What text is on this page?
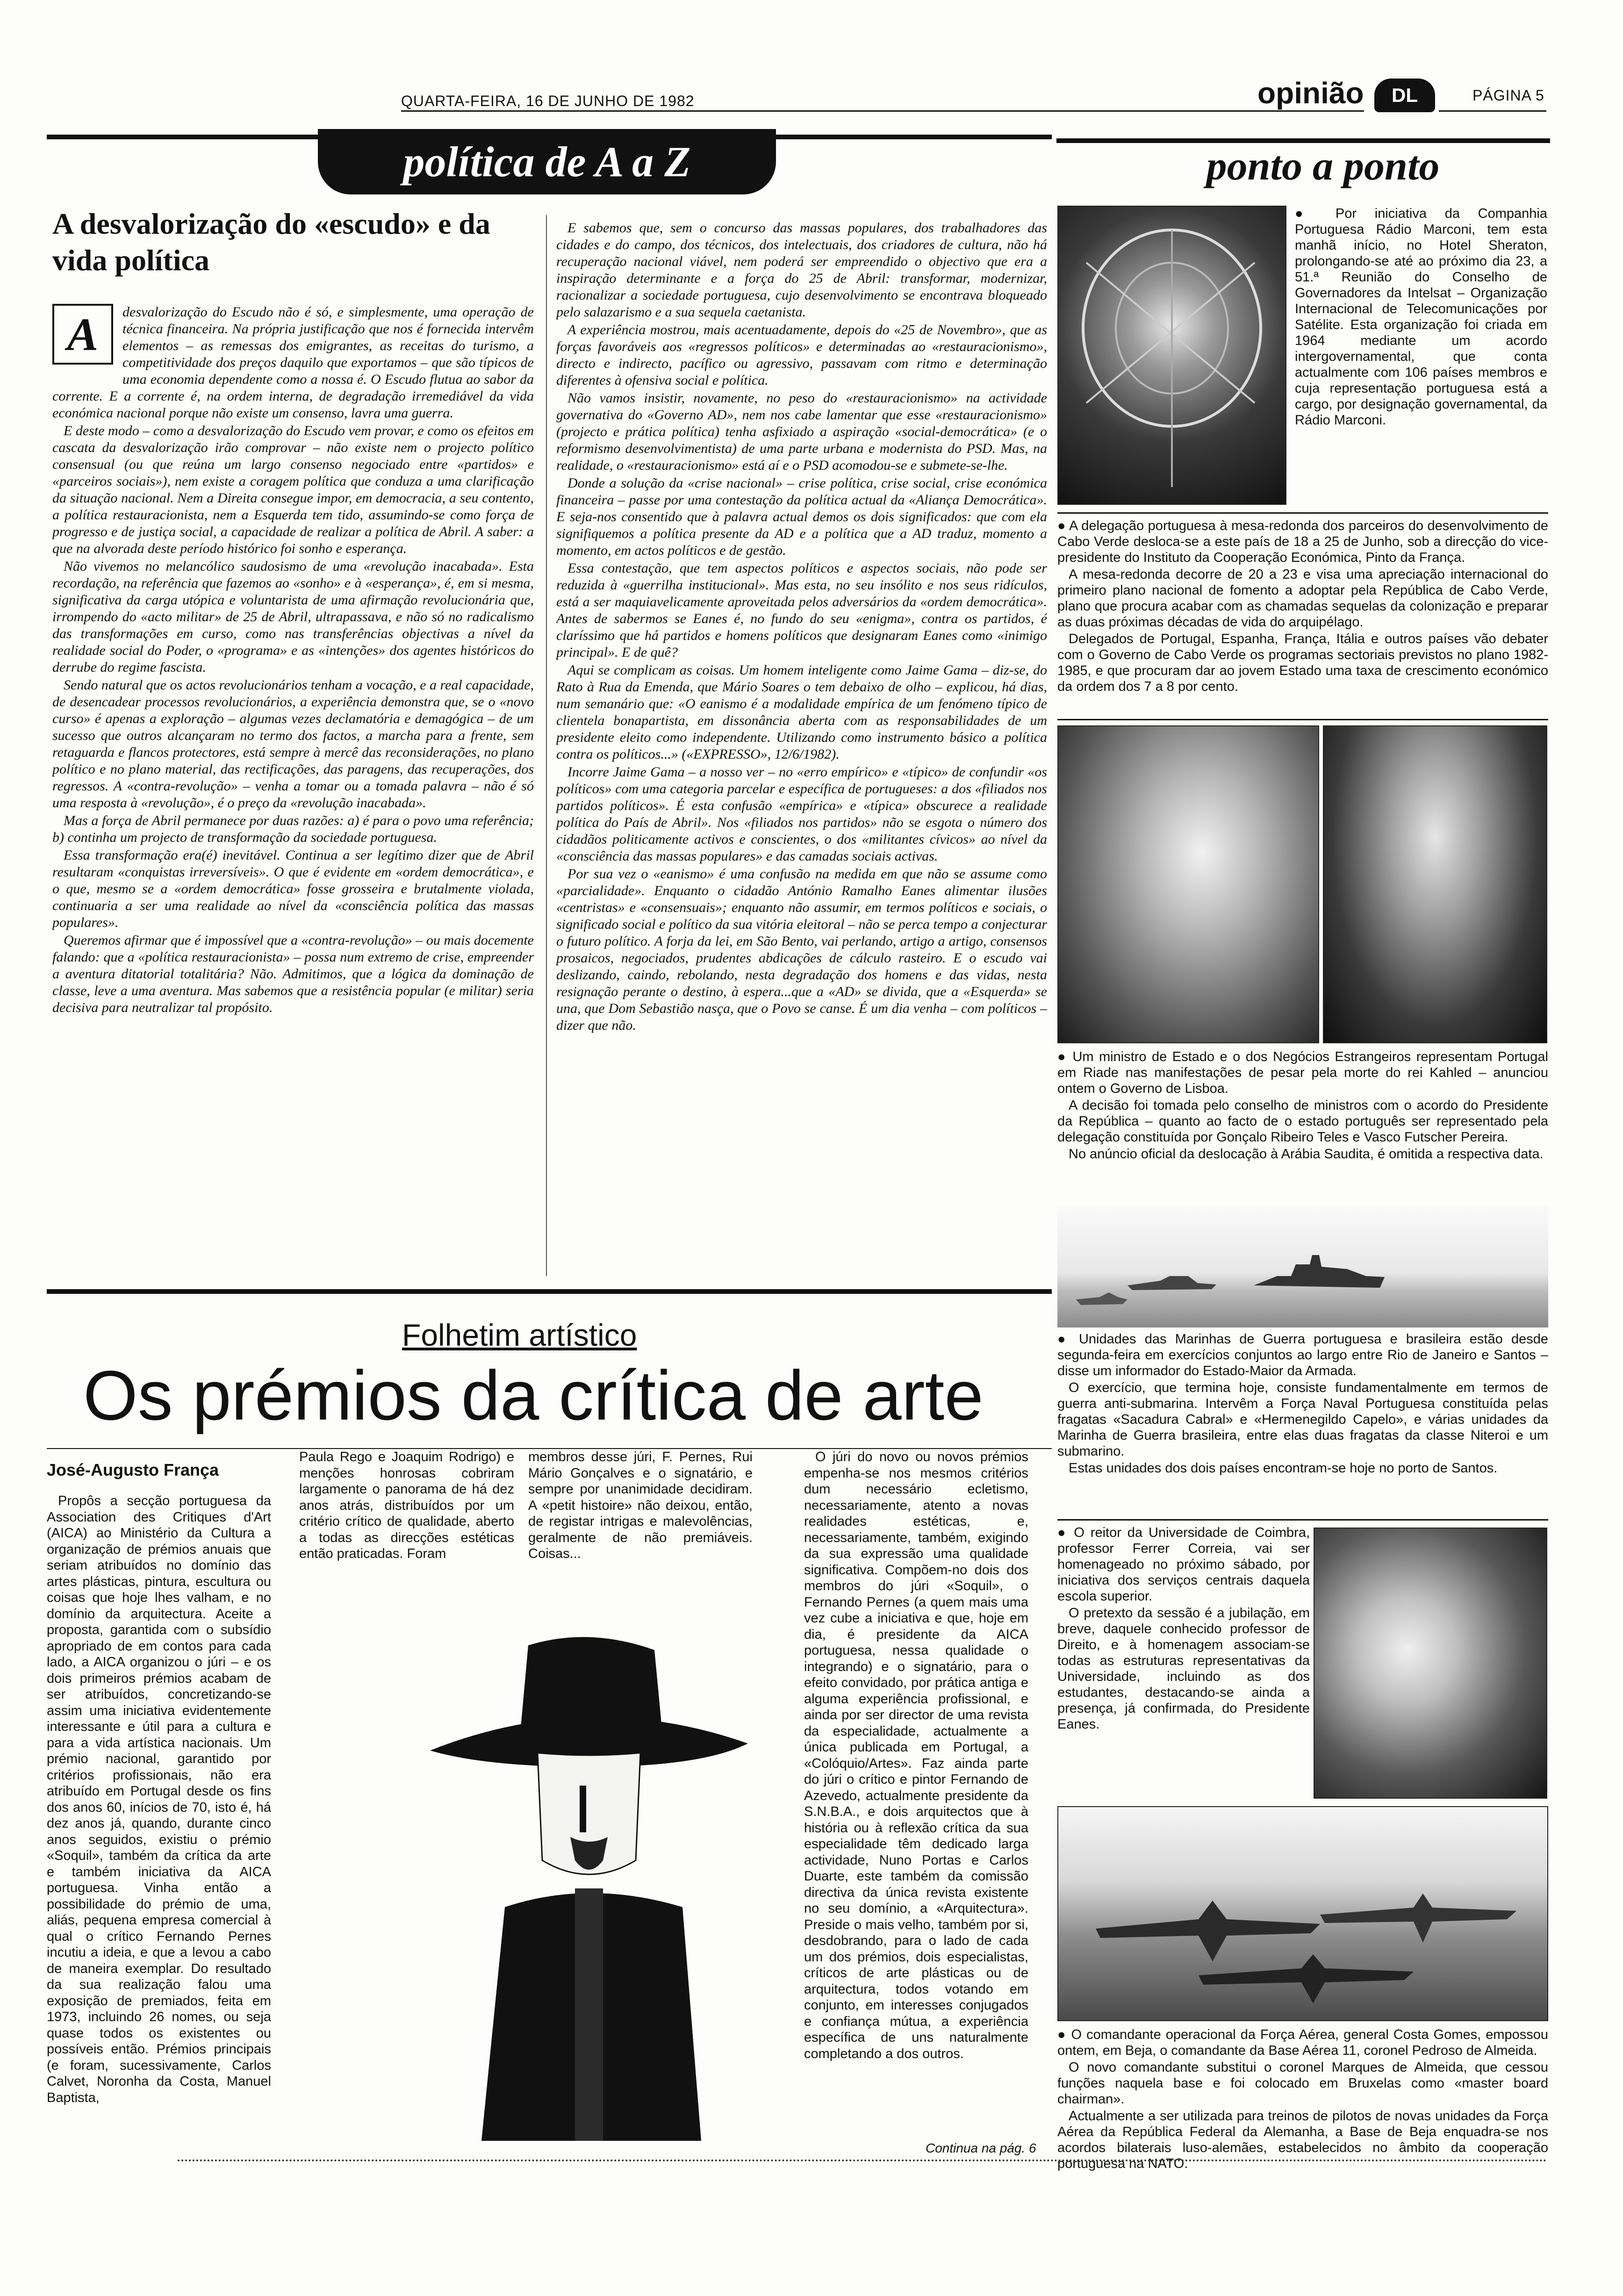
QUARTA-FEIRA, 16 DE JUNHO DE 1982	opinião	DL	PÁGINA 5
política de A a Z
A desvalorização do «escudo» e da vida política
A	desvalorização do Escudo não é só, e simplesmente, uma operação de técnica financeira. Na própria justificação que nos é fornecida intervêm elementos – as remessas dos emigrantes, as receitas do turismo, a competitividade dos preços daquilo que exportamos – que são típicos de uma economia dependente como a nossa é. O Escudo flutua ao sabor da corrente. E a corrente é, na ordem interna, de degradação irremediável da vida económica nacional porque não existe um consenso, lavra uma guerra.

E deste modo – como a desvalorização do Escudo vem provar, e como os efeitos em cascata da desvalorização irão comprovar – não existe nem o projecto político consensual (ou que reúna um largo consenso negociado entre «partidos» e «parceiros sociais»), nem existe a coragem política que conduza a uma clarificação da situação nacional. Nem a Direita consegue impor, em democracia, a seu contento, a política restauracionista, nem a Esquerda tem tido, assumindo-se como força de progresso e de justiça social, a capacidade de realizar a política de Abril. A saber: a que na alvorada deste período histórico foi sonho e esperança.

Não vivemos no melancólico saudosismo de uma «revolução inacabada». Esta recordação, na referência que fazemos ao «sonho» e à «esperança», é, em si mesma, significativa da carga utópica e voluntarista de uma afirmação revolucionária que, irrompendo do «acto militar» de 25 de Abril, ultrapassava, e não só no radicalismo das transformações em curso, como nas transferências objectivas a nível da realidade social do Poder, o «programa» e as «intenções» dos agentes históricos do derrube do regime fascista.

Sendo natural que os actos revolucionários tenham a vocação, e a real capacidade, de desencadear processos revolucionários, a experiência demonstra que, se o «novo curso» é apenas a exploração – algumas vezes declamatória e demagógica – de um sucesso que outros alcançaram no termo dos factos, a marcha para a frente, sem retaguarda e flancos protectores, está sempre à mercê das reconsiderações, no plano político e no plano material, das rectificações, das paragens, das recuperações, dos regressos. A «contra-revolução» – venha a tomar ou a tomada palavra – não é só uma resposta à «revolução», é o preço da «revolução inacabada».

Mas a força de Abril permanece por duas razões: a) é para o povo uma referência; b) continha um projecto de transformação da sociedade portuguesa.

Essa transformação era(é) inevitável. Continua a ser legítimo dizer que de Abril resultaram «conquistas irreversíveis». O que é evidente em «ordem democrática», e o que, mesmo se a «ordem democrática» fosse grosseira e brutalmente violada, continuaria a ser uma realidade ao nível da «consciência política das massas populares».

Queremos afirmar que é impossível que a «contra-revolução» – ou mais docemente falando: que a «política restauracionista» – possa num extremo de crise, empreender a aventura ditatorial totalitária? Não. Admitimos, que a lógica da dominação de classe, leve a uma aventura. Mas sabemos que a resistência popular (e militar) seria decisiva para neutralizar tal propósito.

E sabemos que, sem o concurso das massas populares, dos trabalhadores das cidades e do campo, dos técnicos, dos intelectuais, dos criadores de cultura, não há recuperação nacional viável, nem poderá ser empreendido o objectivo que era a inspiração determinante e a força do 25 de Abril: transformar, modernizar, racionalizar a sociedade portuguesa, cujo desenvolvimento se encontrava bloqueado pelo salazarismo e a sua sequela caetanista.

A experiência mostrou, mais acentuadamente, depois do «25 de Novembro», que as forças favoráveis aos «regressos políticos» e determinadas ao «restauracionismo», directo e indirecto, pacífico ou agressivo, passavam com ritmo e determinação diferentes à ofensiva social e política.

Não vamos insistir, novamente, no peso do «restauracionismo» na actividade governativa do «Governo AD», nem nos cabe lamentar que esse «restauracionismo» (projecto e prática política) tenha asfixiado a aspiração «social-democrática» (e o reformismo desenvolvimentista) de uma parte urbana e modernista do PSD. Mas, na realidade, o «restauracionismo» está aí e o PSD acomodou-se e submete-se-lhe.

Donde a solução da «crise nacional» – crise política, crise social, crise económica financeira – passe por uma contestação da política actual da «Aliança Democrática». E seja-nos consentido que à palavra actual demos os dois significados: que com ela signifiquemos a política presente da AD e a política que a AD traduz, momento a momento, em actos políticos e de gestão.

Essa contestação, que tem aspectos políticos e aspectos sociais, não pode ser reduzida à «guerrilha institucional». Mas esta, no seu insólito e nos seus ridículos, está a ser maquiavelicamente aproveitada pelos adversários da «ordem democrática». Antes de sabermos se Eanes é, no fundo do seu «enigma», contra os partidos, é claríssimo que há partidos e homens políticos que designaram Eanes como «inimigo principal». E de quê?

Aqui se complicam as coisas. Um homem inteligente como Jaime Gama – diz-se, do Rato à Rua da Emenda, que Mário Soares o tem debaixo de olho – explicou, há dias, num semanário que: «O eanismo é a modalidade empírica de um fenómeno típico de clientela bonapartista, em dissonância aberta com as responsabilidades de um presidente eleito como independente. Utilizando como instrumento básico a política contra os políticos...» («EXPRESSO», 12/6/1982).

Incorre Jaime Gama – a nosso ver – no «erro empírico» e «típico» de confundir «os políticos» com uma categoria parcelar e específica de portugueses: a dos «filiados nos partidos políticos». É esta confusão «empírica» e «típica» obscurece a realidade política do País de Abril». Nos «filiados nos partidos» não se esgota o número dos cidadãos politicamente activos e conscientes, o dos «militantes cívicos» ao nível da «consciência das massas populares» e das camadas sociais activas.

Por sua vez o «eanismo» é uma confusão na medida em que não se assume como «parcialidade». Enquanto o cidadão António Ramalho Eanes alimentar ilusões «centristas» e «consensuais»; enquanto não assumir, em termos políticos e sociais, o significado social e político da sua vitória eleitoral – não se perca tempo a conjecturar o futuro político. A forja da lei, em São Bento, vai perlando, artigo a artigo, consensos prosaicos, negociados, prudentes abdicações de cálculo rasteiro. E o escudo vai deslizando, caindo, rebolando, nesta degradação dos homens e das vidas, nesta resignação perante o destino, à espera...que a «AD» se divida, que a «Esquerda» se una, que Dom Sebastião nasça, que o Povo se canse. É um dia venha – com políticos – dizer que não.

ponto a ponto
● Por iniciativa da Companhia Portuguesa Rádio Marconi, tem esta manhã início, no Hotel Sheraton, prolongando-se até ao próximo dia 23, a 51.ª Reunião do Conselho de Governadores da Intelsat – Organização Internacional de Telecomunicações por Satélite. Esta organização foi criada em 1964 mediante um acordo intergovernamental, que conta actualmente com 106 países membros e cuja representação portuguesa está a cargo, por designação governamental, da Rádio Marconi.

● A delegação portuguesa à mesa-redonda dos parceiros do desenvolvimento de Cabo Verde desloca-se a este país de 18 a 25 de Junho, sob a direcção do vice-presidente do Instituto da Cooperação Económica, Pinto da França.

A mesa-redonda decorre de 20 a 23 e visa uma apreciação internacional do primeiro plano nacional de fomento a adoptar pela República de Cabo Verde, plano que procura acabar com as chamadas sequelas da colonização e preparar as duas próximas décadas de vida do arquipélago.

Delegados de Portugal, Espanha, França, Itália e outros países vão debater com o Governo de Cabo Verde os programas sectoriais previstos no plano 1982-1985, e que procuram dar ao jovem Estado uma taxa de crescimento económico da ordem dos 7 a 8 por cento.

● Um ministro de Estado e o dos Negócios Estrangeiros representam Portugal em Riade nas manifestações de pesar pela morte do rei Kahled – anunciou ontem o Governo de Lisboa.

A decisão foi tomada pelo conselho de ministros com o acordo do Presidente da República – quanto ao facto de o estado português ser representado pela delegação constituída por Gonçalo Ribeiro Teles e Vasco Futscher Pereira.

No anúncio oficial da deslocação à Arábia Saudita, é omitida a respectiva data.

● Unidades das Marinhas de Guerra portuguesa e brasileira estão desde segunda-feira em exercícios conjuntos ao largo entre Rio de Janeiro e Santos – disse um informador do Estado-Maior da Armada.

O exercício, que termina hoje, consiste fundamentalmente em termos de guerra anti-submarina. Intervêm a Força Naval Portuguesa constituída pelas fragatas «Sacadura Cabral» e «Hermenegildo Capelo», e várias unidades da Marinha de Guerra brasileira, entre elas duas fragatas da classe Niteroi e um submarino.

Estas unidades dos dois países encontram-se hoje no porto de Santos.

● O reitor da Universidade de Coimbra, professor Ferrer Correia, vai ser homenageado no próximo sábado, por iniciativa dos serviços centrais daquela escola superior.

O pretexto da sessão é a jubilação, em breve, daquele conhecido professor de Direito, e à homenagem associam-se todas as estruturas representativas da Universidade, incluindo as dos estudantes, destacando-se ainda a presença, já confirmada, do Presidente Eanes.

● O comandante operacional da Força Aérea, general Costa Gomes, empossou ontem, em Beja, o comandante da Base Aérea 11, coronel Pedroso de Almeida.

O novo comandante substitui o coronel Marques de Almeida, que cessou funções naquela base e foi colocado em Bruxelas como «master board chairman».

Actualmente a ser utilizada para treinos de pilotos de novas unidades da Força Aérea da República Federal da Alemanha, a Base de Beja enquadra-se nos acordos bilaterais luso-alemães, estabelecidos no âmbito da cooperação portuguesa na NATO.

Folhetim artístico
Os prémios da crítica de arte
José-Augusto França
Propôs a secção portuguesa da Association des Critiques d'Art (AICA) ao Ministério da Cultura a organização de prémios anuais que seriam atribuídos no domínio das artes plásticas, pintura, escultura ou coisas que hoje lhes valham, e no domínio da arquitectura. Aceite a proposta, garantida com o subsídio apropriado de em contos para cada lado, a AICA organizou o júri – e os dois primeiros prémios acabam de ser atribuídos, concretizando-se assim uma iniciativa evidentemente interessante e útil para a cultura e para a vida artística nacionais. Um prémio nacional, garantido por critérios profissionais, não era atribuído em Portugal desde os fins dos anos 60, inícios de 70, isto é, há dez anos já, quando, durante cinco anos seguidos, existiu o prémio «Soquil», também da crítica da arte e também iniciativa da AICA portuguesa. Vinha então a possibilidade do prémio de uma, aliás, pequena empresa comercial à qual o crítico Fernando Pernes incutiu a ideia, e que a levou a cabo de maneira exemplar. Do resultado da sua realização falou uma exposição de premiados, feita em 1973, incluindo 26 nomes, ou seja quase todos os existentes ou possíveis então. Prémios principais (e foram, sucessivamente, Carlos Calvet, Noronha da Costa, Manuel Baptista,
Paula Rego e Joaquim Rodrigo) e menções honrosas cobriram largamente o panorama de há dez anos atrás, distribuídos por um critério crítico de qualidade, aberto a todas as direcções estéticas então praticadas. Foram
membros desse júri, F. Pernes, Rui Mário Gonçalves e o signatário, e sempre por unanimidade decidiram. A «petit histoire» não deixou, então, de registar intrigas e malevolências, geralmente de não premiáveis. Coisas...
O júri do novo ou novos prémios empenha-se nos mesmos critérios dum necessário ecletismo, necessariamente, atento a novas realidades estéticas, e, necessariamente, também, exigindo da sua expressão uma qualidade significativa. Compõem-no dois dos membros do júri «Soquil», o Fernando Pernes (a quem mais uma vez cube a iniciativa e que, hoje em dia, é presidente da AICA portuguesa, nessa qualidade o integrando) e o signatário, para o efeito convidado, por prática antiga e alguma experiência profissional, e ainda por ser director de uma revista da especialidade, actualmente a única publicada em Portugal, a «Colóquio/Artes». Faz ainda parte do júri o crítico e pintor Fernando de Azevedo, actualmente presidente da S.N.B.A., e dois arquitectos que à história ou à reflexão crítica da sua especialidade têm dedicado larga actividade, Nuno Portas e Carlos Duarte, este também da comissão directiva da única revista existente no seu domínio, a «Arquitectura». Preside o mais velho, também por si, desdobrando, para o lado de cada um dos prémios, dois especialistas, críticos de arte plásticas ou de arquitectura, todos votando em conjunto, em interesses conjugados e confiança mútua, a experiência específica de uns naturalmente completando a dos outros.
Continua na pág. 6
